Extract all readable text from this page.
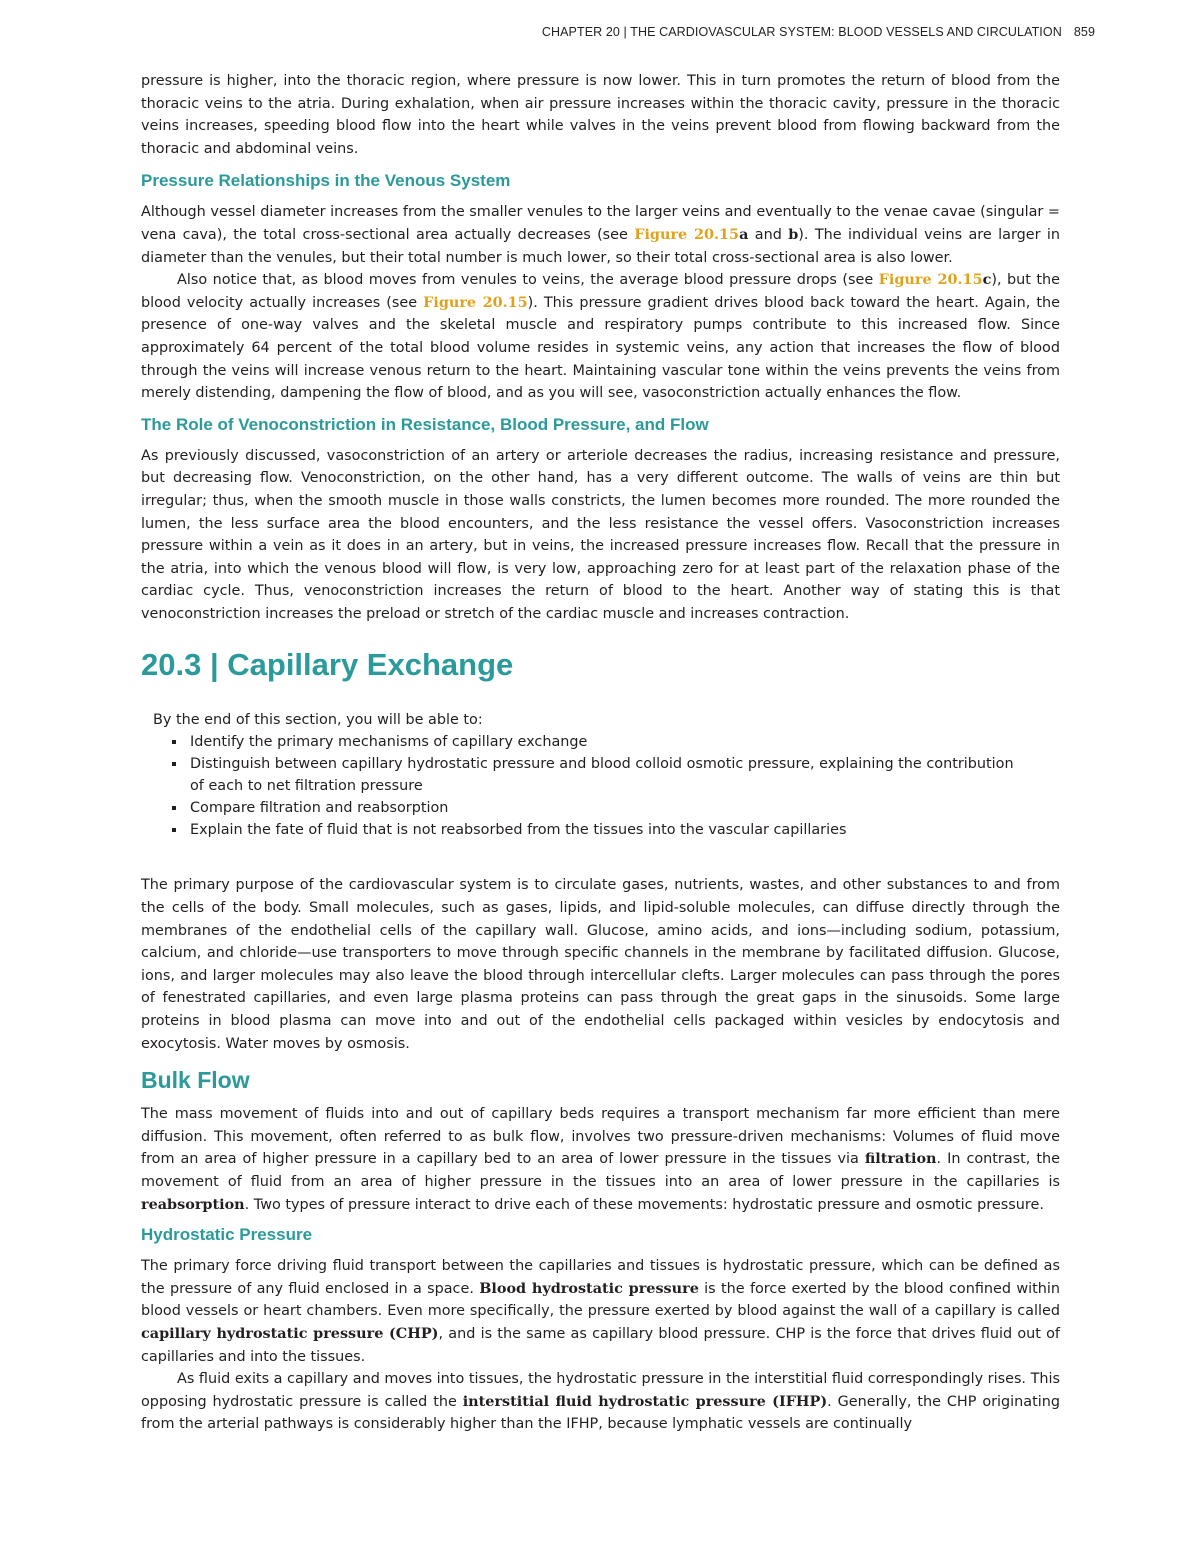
CHAPTER 20 | THE CARDIOVASCULAR SYSTEM: BLOOD VESSELS AND CIRCULATION 859

pressure is higher, into the thoracic region, where pressure is now lower. This in turn promotes the return of blood from the thoracic veins to the atria. During exhalation, when air pressure increases within the thoracic cavity, pressure in the thoracic veins increases, speeding blood flow into the heart while valves in the veins prevent blood from flowing backward from the thoracic and abdominal veins.

Pressure Relationships in the Venous System

Although vessel diameter increases from the smaller venules to the larger veins and eventually to the venae cavae (singular = vena cava), the total cross-sectional area actually decreases (see Figure 20.15a and b). The individual veins are larger in diameter than the venules, but their total number is much lower, so their total cross-sectional area is also lower.

Also notice that, as blood moves from venules to veins, the average blood pressure drops (see Figure 20.15c), but the blood velocity actually increases (see Figure 20.15). This pressure gradient drives blood back toward the heart. Again, the presence of one-way valves and the skeletal muscle and respiratory pumps contribute to this increased flow. Since approximately 64 percent of the total blood volume resides in systemic veins, any action that increases the flow of blood through the veins will increase venous return to the heart. Maintaining vascular tone within the veins prevents the veins from merely distending, dampening the flow of blood, and as you will see, vasoconstriction actually enhances the flow.

The Role of Venoconstriction in Resistance, Blood Pressure, and Flow

As previously discussed, vasoconstriction of an artery or arteriole decreases the radius, increasing resistance and pressure, but decreasing flow. Venoconstriction, on the other hand, has a very different outcome. The walls of veins are thin but irregular; thus, when the smooth muscle in those walls constricts, the lumen becomes more rounded. The more rounded the lumen, the less surface area the blood encounters, and the less resistance the vessel offers. Vasoconstriction increases pressure within a vein as it does in an artery, but in veins, the increased pressure increases flow. Recall that the pressure in the atria, into which the venous blood will flow, is very low, approaching zero for at least part of the relaxation phase of the cardiac cycle. Thus, venoconstriction increases the return of blood to the heart. Another way of stating this is that venoconstriction increases the preload or stretch of the cardiac muscle and increases contraction.

20.3 | Capillary Exchange
By the end of this section, you will be able to:
Identify the primary mechanisms of capillary exchange
Distinguish between capillary hydrostatic pressure and blood colloid osmotic pressure, explaining the contribution of each to net filtration pressure
Compare filtration and reabsorption
Explain the fate of fluid that is not reabsorbed from the tissues into the vascular capillaries

The primary purpose of the cardiovascular system is to circulate gases, nutrients, wastes, and other substances to and from the cells of the body. Small molecules, such as gases, lipids, and lipid-soluble molecules, can diffuse directly through the membranes of the endothelial cells of the capillary wall. Glucose, amino acids, and ions—including sodium, potassium, calcium, and chloride—use transporters to move through specific channels in the membrane by facilitated diffusion. Glucose, ions, and larger molecules may also leave the blood through intercellular clefts. Larger molecules can pass through the pores of fenestrated capillaries, and even large plasma proteins can pass through the great gaps in the sinusoids. Some large proteins in blood plasma can move into and out of the endothelial cells packaged within vesicles by endocytosis and exocytosis. Water moves by osmosis.

Bulk Flow

The mass movement of fluids into and out of capillary beds requires a transport mechanism far more efficient than mere diffusion. This movement, often referred to as bulk flow, involves two pressure-driven mechanisms: Volumes of fluid move from an area of higher pressure in a capillary bed to an area of lower pressure in the tissues via filtration. In contrast, the movement of fluid from an area of higher pressure in the tissues into an area of lower pressure in the capillaries is reabsorption. Two types of pressure interact to drive each of these movements: hydrostatic pressure and osmotic pressure.

Hydrostatic Pressure

The primary force driving fluid transport between the capillaries and tissues is hydrostatic pressure, which can be defined as the pressure of any fluid enclosed in a space. Blood hydrostatic pressure is the force exerted by the blood confined within blood vessels or heart chambers. Even more specifically, the pressure exerted by blood against the wall of a capillary is called capillary hydrostatic pressure (CHP), and is the same as capillary blood pressure. CHP is the force that drives fluid out of capillaries and into the tissues.

As fluid exits a capillary and moves into tissues, the hydrostatic pressure in the interstitial fluid correspondingly rises. This opposing hydrostatic pressure is called the interstitial fluid hydrostatic pressure (IFHP). Generally, the CHP originating from the arterial pathways is considerably higher than the IFHP, because lymphatic vessels are continually
